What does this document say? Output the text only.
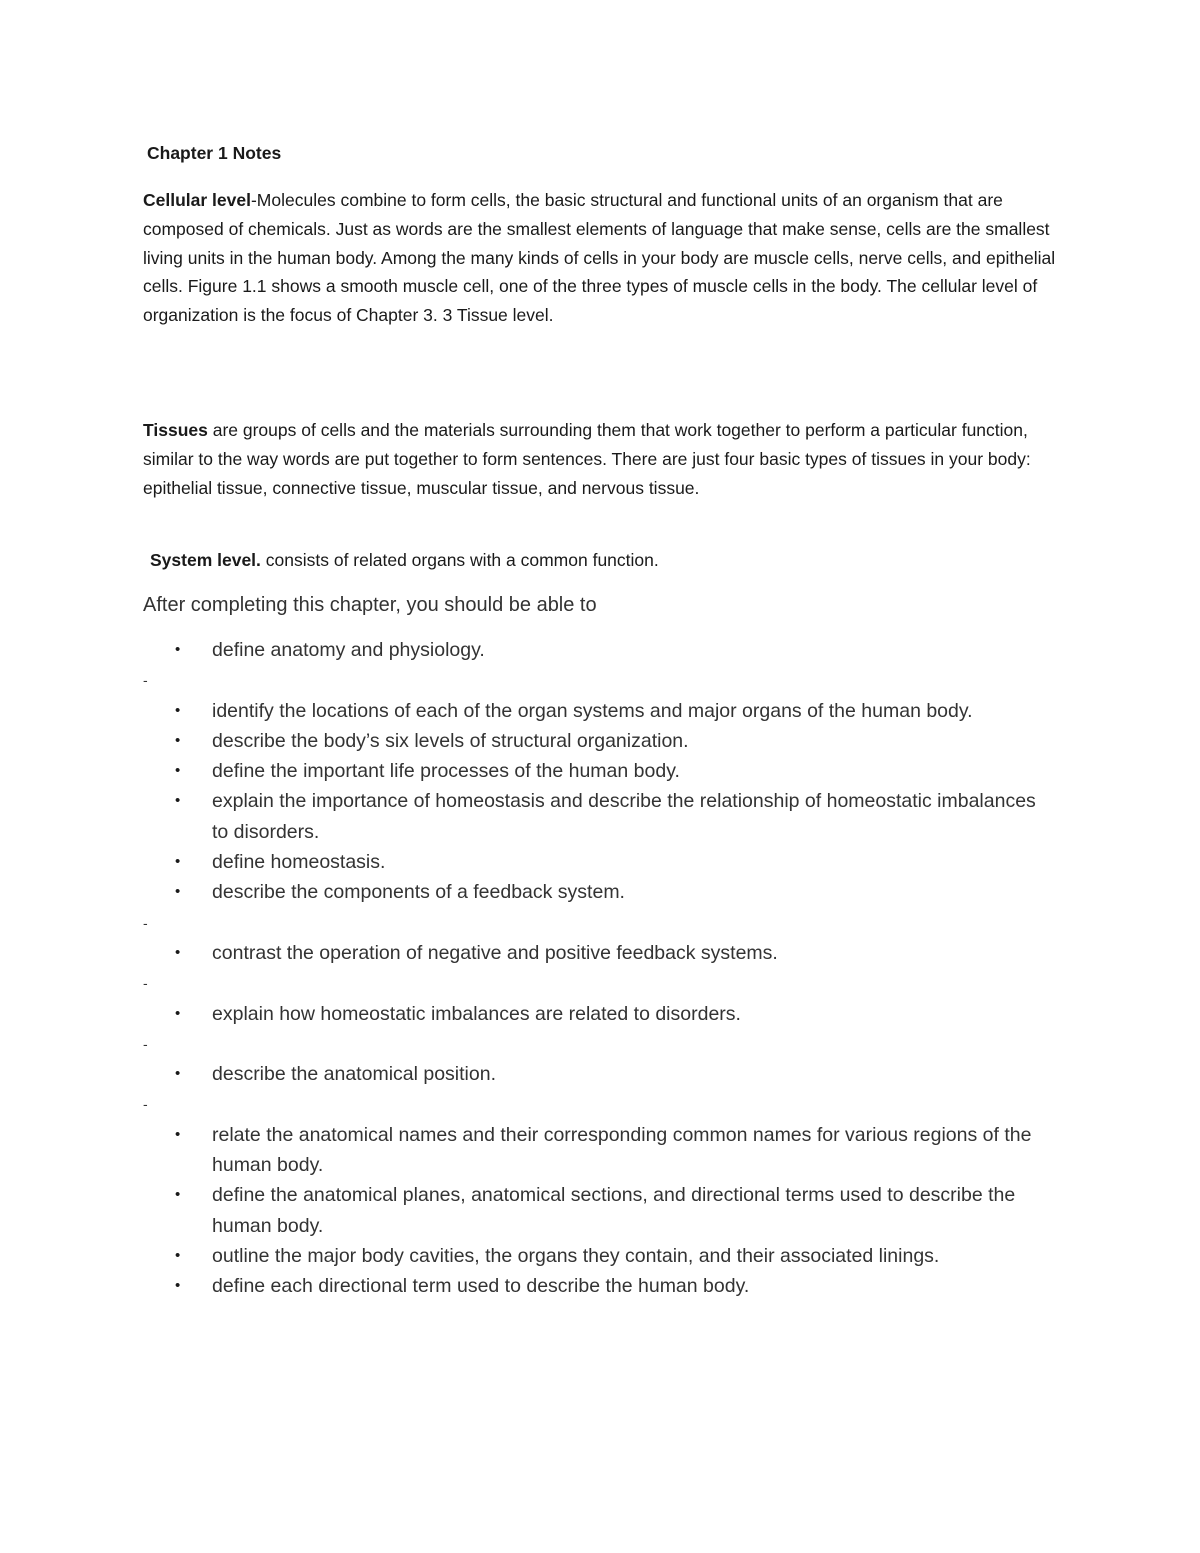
Chapter 1 Notes

Cellular level-Molecules combine to form cells, the basic structural and functional units of an organism that are composed of chemicals. Just as words are the smallest elements of language that make sense, cells are the smallest living units in the human body. Among the many kinds of cells in your body are muscle cells, nerve cells, and epithelial cells. Figure 1.1 shows a smooth muscle cell, one of the three types of muscle cells in the body. The cellular level of organization is the focus of Chapter 3. 3 Tissue level.

Tissues are groups of cells and the materials surrounding them that work together to perform a particular function, similar to the way words are put together to form sentences. There are just four basic types of tissues in your body: epithelial tissue, connective tissue, muscular tissue, and nervous tissue.

System level. consists of related organs with a common function.

After completing this chapter, you should be able to

• define anatomy and physiology.
-
• identify the locations of each of the organ systems and major organs of the human body.
• describe the body’s six levels of structural organization.
• define the important life processes of the human body.
• explain the importance of homeostasis and describe the relationship of homeostatic imbalances to disorders.
• define homeostasis.
• describe the components of a feedback system.
-
• contrast the operation of negative and positive feedback systems.
-
• explain how homeostatic imbalances are related to disorders.
-
• describe the anatomical position.
-
• relate the anatomical names and their corresponding common names for various regions of the human body.
• define the anatomical planes, anatomical sections, and directional terms used to describe the human body.
• outline the major body cavities, the organs they contain, and their associated linings.
• define each directional term used to describe the human body.
